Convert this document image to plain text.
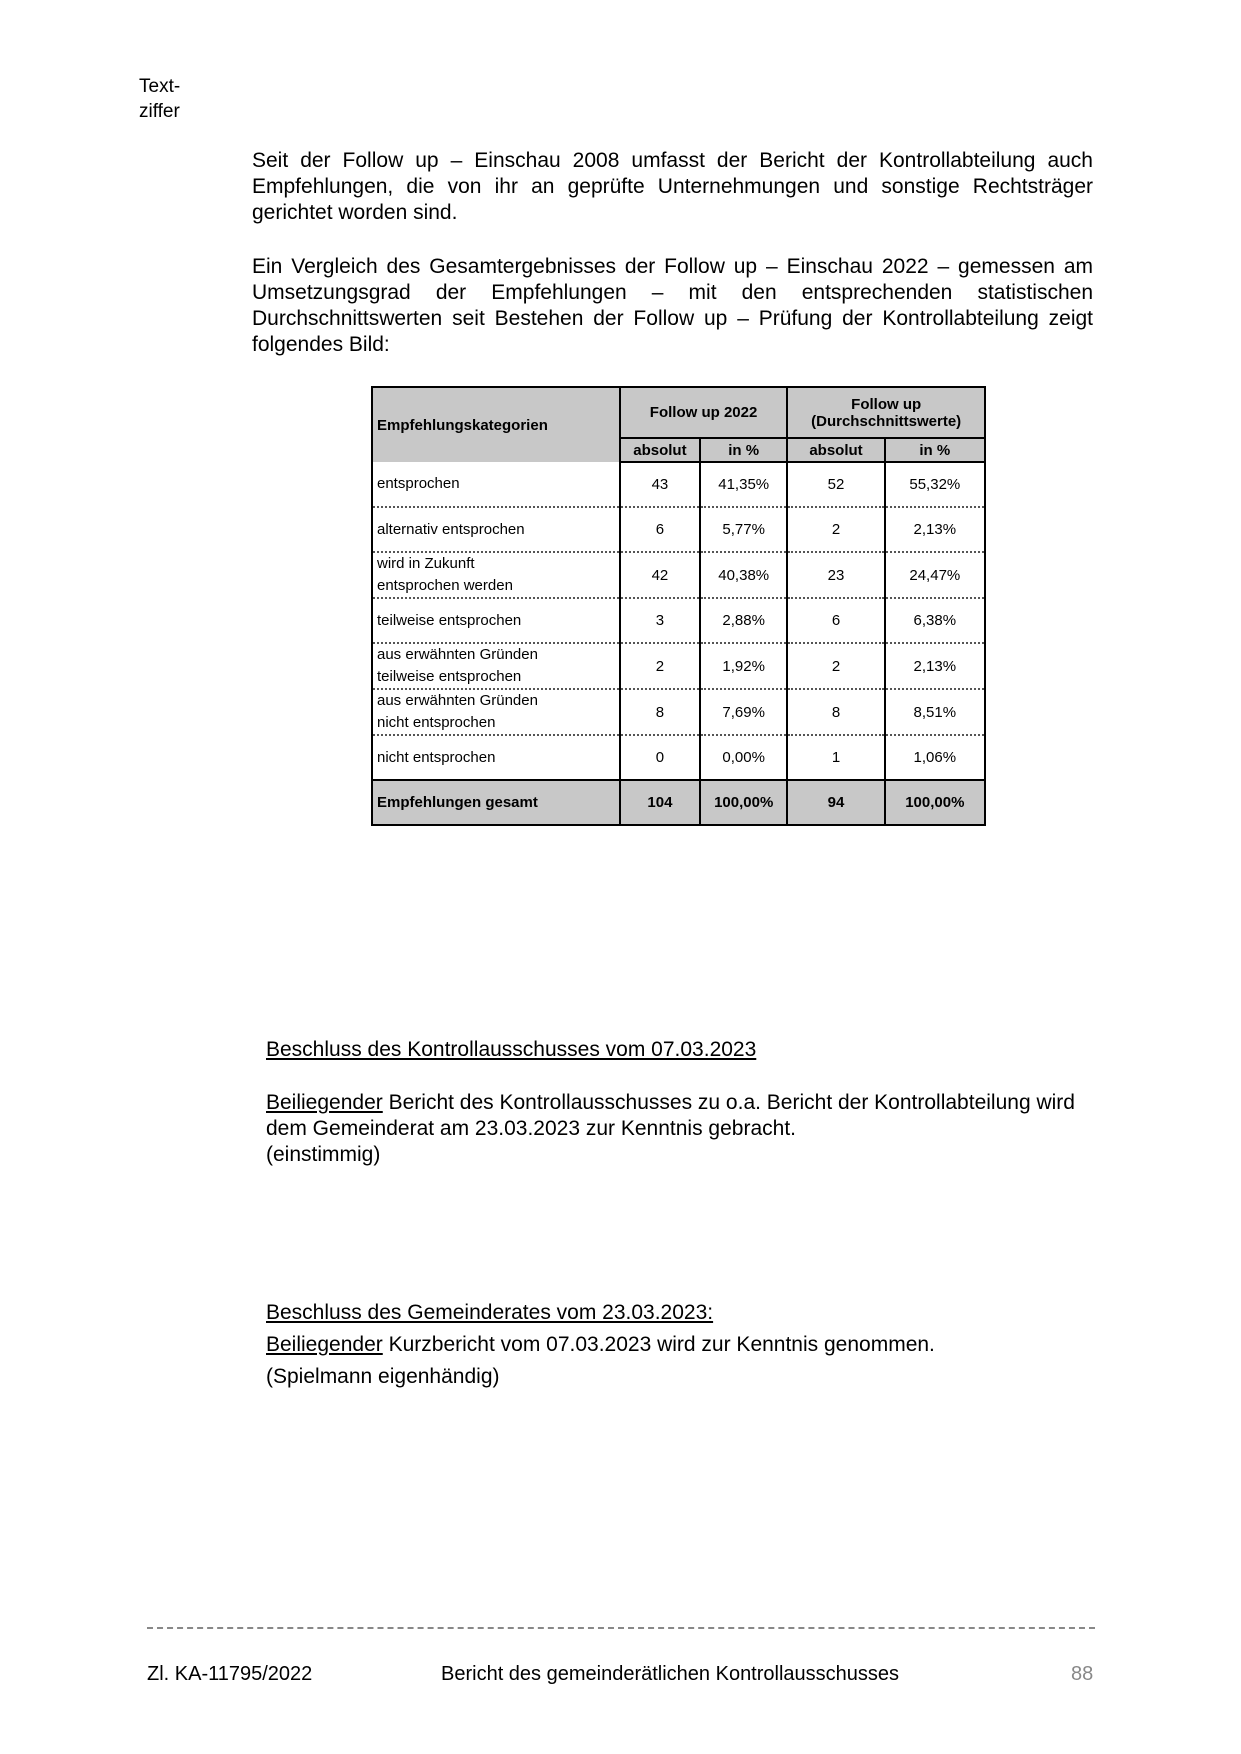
Text-
ziffer

Seit der Follow up – Einschau 2008 umfasst der Bericht der Kontrollabteilung auch Empfehlungen, die von ihr an geprüfte Unternehmungen und sonstige Rechtsträger gerichtet worden sind.

Ein Vergleich des Gesamtergebnisses der Follow up – Einschau 2022 – gemessen am Umsetzungsgrad der Empfehlungen – mit den entsprechenden statistischen Durchschnittswerten seit Bestehen der Follow up – Prüfung der Kontrollabteilung zeigt folgendes Bild:

Empfehlungskategorien	Follow up 2022		Follow up
(Durchschnittswerte)	

	absolut	in %	absolut	in %

entsprochen	43	41,35%	52	55,32%

alternativ entsprochen	6	5,77%	2	2,13%

wird in Zukunft
entsprochen werden	42	40,38%	23	24,47%

teilweise entsprochen	3	2,88%	6	6,38%

aus erwähnten Gründen
teilweise entsprochen	2	1,92%	2	2,13%

aus erwähnten Gründen
nicht entsprochen	8	7,69%	8	8,51%

nicht entsprochen	0	0,00%	1	1,06%
Empfehlungen gesamt	104	100,00%	94	100,00%
Beschluss des Kontrollausschusses vom 07.03.2023
Beiliegender Bericht des Kontrollausschusses zu o.a. Bericht der Kontrollabteilung wird dem Gemeinderat am 23.03.2023 zur Kenntnis gebracht.
(einstimmig)
Beschluss des Gemeinderates vom 23.03.2023:
Beiliegender Kurzbericht vom 07.03.2023 wird zur Kenntnis genommen.
(Spielmann eigenhändig)
Zl. KA-11795/2022	Bericht des gemeinderätlichen Kontrollausschusses	88
